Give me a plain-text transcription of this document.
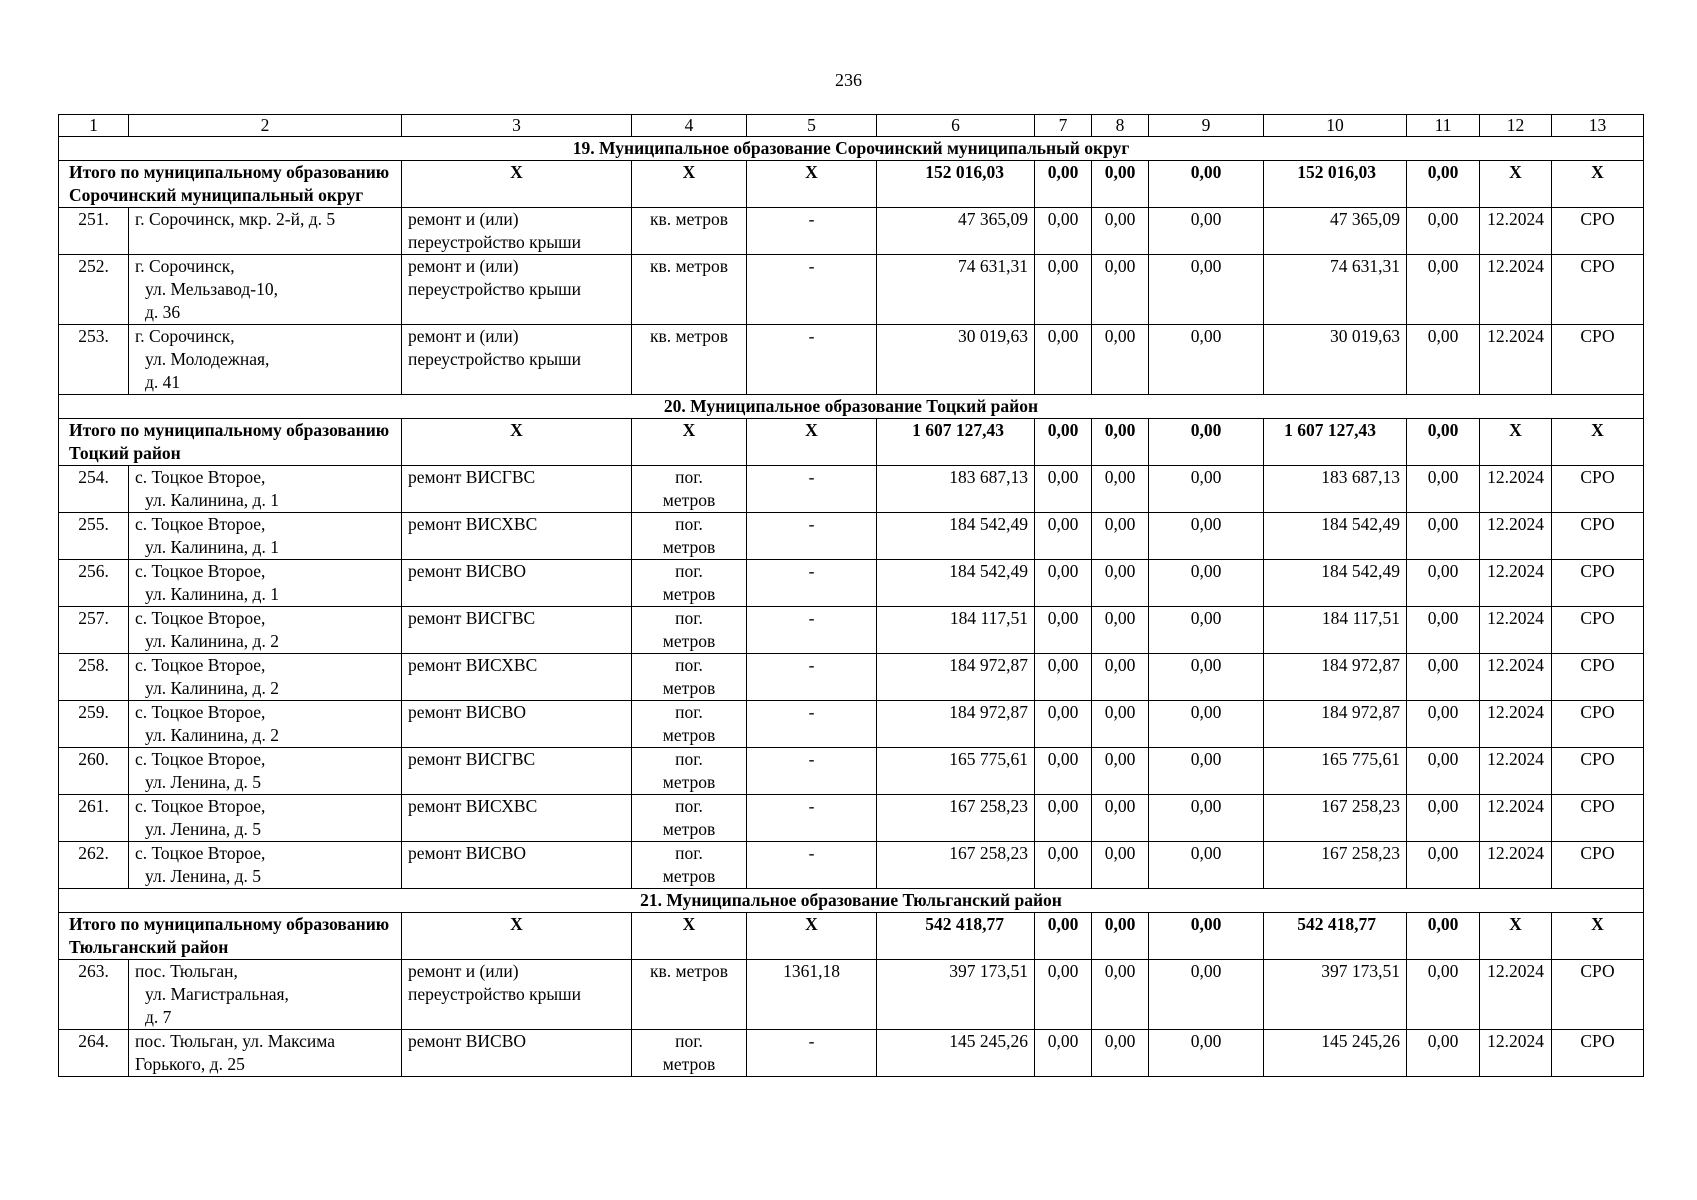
236
1	2	3	4	5	6	7	8	9	10	11	12	13
19. Муниципальное образование Сорочинский муниципальный округ												
Итого по муниципальному образованию Сорочинский муниципальный округ		X	X	X	152 016,03	0,00	0,00	0,00	152 016,03	0,00	X	X
251.	г. Сорочинск, мкр. 2-й, д. 5	ремонт и (или) переустройство крыши	кв. метров	-	47 365,09	0,00	0,00	0,00	47 365,09	0,00	12.2024	СРО
252.	г. Сорочинск,
ул. Мельзавод-10,
д. 36	ремонт и (или) переустройство крыши	кв. метров	-	74 631,31	0,00	0,00	0,00	74 631,31	0,00	12.2024	СРО
253.	г. Сорочинск,
ул. Молодежная,
д. 41	ремонт и (или) переустройство крыши	кв. метров	-	30 019,63	0,00	0,00	0,00	30 019,63	0,00	12.2024	СРО
20. Муниципальное образование Тоцкий район												
Итого по муниципальному образованию Тоцкий район		X	X	X	1 607 127,43	0,00	0,00	0,00	1 607 127,43	0,00	X	X
254.	с. Тоцкое Второе,
ул. Калинина, д. 1	ремонт ВИСГВС	пог.
метров	-	183 687,13	0,00	0,00	0,00	183 687,13	0,00	12.2024	СРО
255.	с. Тоцкое Второе,
ул. Калинина, д. 1	ремонт ВИСХВС	пог.
метров	-	184 542,49	0,00	0,00	0,00	184 542,49	0,00	12.2024	СРО
256.	с. Тоцкое Второе,
ул. Калинина, д. 1	ремонт ВИСВО	пог.
метров	-	184 542,49	0,00	0,00	0,00	184 542,49	0,00	12.2024	СРО
257.	с. Тоцкое Второе,
ул. Калинина, д. 2	ремонт ВИСГВС	пог.
метров	-	184 117,51	0,00	0,00	0,00	184 117,51	0,00	12.2024	СРО
258.	с. Тоцкое Второе,
ул. Калинина, д. 2	ремонт ВИСХВС	пог.
метров	-	184 972,87	0,00	0,00	0,00	184 972,87	0,00	12.2024	СРО
259.	с. Тоцкое Второе,
ул. Калинина, д. 2	ремонт ВИСВО	пог.
метров	-	184 972,87	0,00	0,00	0,00	184 972,87	0,00	12.2024	СРО
260.	с. Тоцкое Второе,
ул. Ленина, д. 5	ремонт ВИСГВС	пог.
метров	-	165 775,61	0,00	0,00	0,00	165 775,61	0,00	12.2024	СРО
261.	с. Тоцкое Второе,
ул. Ленина, д. 5	ремонт ВИСХВС	пог.
метров	-	167 258,23	0,00	0,00	0,00	167 258,23	0,00	12.2024	СРО
262.	с. Тоцкое Второе,
ул. Ленина, д. 5	ремонт ВИСВО	пог.
метров	-	167 258,23	0,00	0,00	0,00	167 258,23	0,00	12.2024	СРО
21. Муниципальное образование Тюльганский район												
Итого по муниципальному образованию Тюльганский район		X	X	X	542 418,77	0,00	0,00	0,00	542 418,77	0,00	X	X
263.	пос. Тюльган,
ул. Магистральная,
д. 7	ремонт и (или) переустройство крыши	кв. метров	1361,18	397 173,51	0,00	0,00	0,00	397 173,51	0,00	12.2024	СРО
264.	пос. Тюльган, ул. Максима Горького, д. 25	ремонт ВИСВО	пог.
метров	-	145 245,26	0,00	0,00	0,00	145 245,26	0,00	12.2024	СРО
